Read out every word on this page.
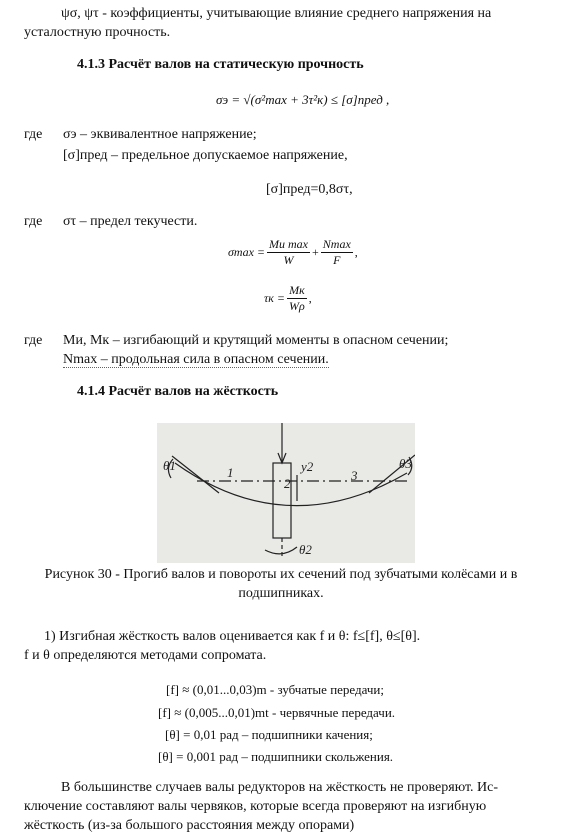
ψσ, ψτ - коэффициенты, учитывающие влияние среднего напряжения на
усталостную прочность.
4.1.3 Расчёт валов на статическую прочность
σэ = √(σ²max + 3τ²к) ≤ [σ]пред ,
где σэ – эквивалентное напряжение;
[σ]пред – предельное допускаемое напряжение,
[σ]пред=0,8στ,
где στ – предел текучести.
$\sigma\max = \frac{\text{Mи max}}{W} + \frac{Nmax}{F}$ ,
$\tau к = \frac{Mк}{W\rho}$ ,
где Mи, Mк – изгибающий и крутящий моменты в опасном сечении;
Nmax – продольная сила в опасном сечении.
4.1.4 Расчёт валов на жёсткость
θ1
θ2
θ3
y2
1
2
3
Рисунок 30 - Прогиб валов и повороты их сечений под зубчатыми колёсами и в
подшипниках.
1) Изгибная жёсткость валов оценивается как f и θ: f≤[f], θ≤[θ].
f и θ определяются методами сопромата.
[f] ≈ (0,01...0,03)m - зубчатые передачи;
[f] ≈ (0,005...0,01)mt - червячные передачи.
[θ] = 0,01 рад – подшипники качения;
[θ] = 0,001 рад – подшипники скольжения.
В большинстве случаев валы редукторов на жёсткость не проверяют. Ис-
ключение составляют валы червяков, которые всегда проверяют на изгибную
жёсткость (из-за большого расстояния между опорами)
